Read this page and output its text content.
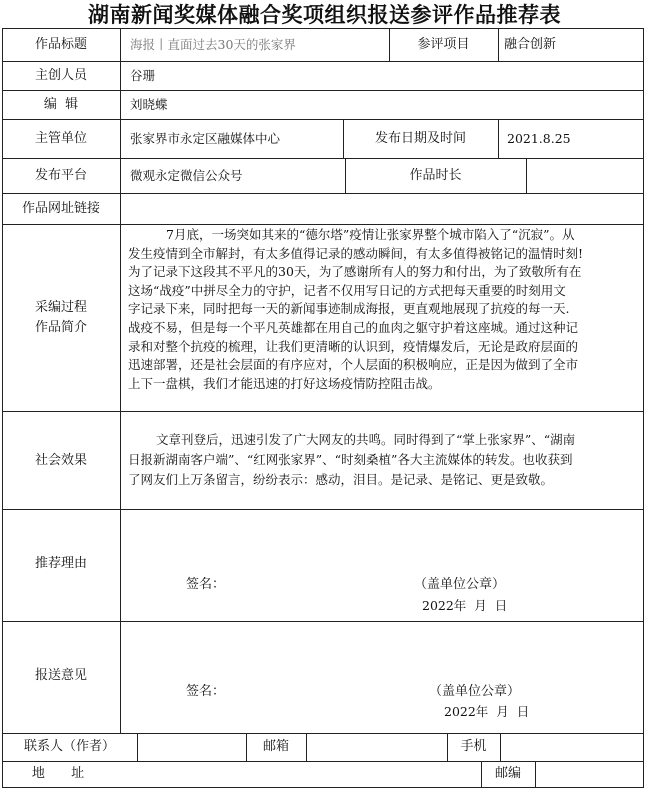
湖南新闻奖媒体融合奖项组织报送参评作品推荐表
作品标题	海报丨直面过去30天的张家界	参评项目	融合创新
主创人员	谷珊
编  辑	刘晓蝶
主管单位	张家界市永定区融媒体中心	发布日期及时间	2021.8.25
发布平台	微观永定微信公众号	作品时长
作品网址链接
采编过程
作品简介
7月底，一场突如其来的“德尔塔”疫情让张家界整个城市陷入了“沉寂”。从
发生疫情到全市解封，有太多值得记录的感动瞬间，有太多值得被铭记的温情时刻!
为了记录下这段其不平凡的30天，为了感谢所有人的努力和付出，为了致敬所有在
这场“战疫”中拼尽全力的守护，记者不仅用写日记的方式把每天重要的时刻用文
字记录下来，同时把每一天的新闻事迹制成海报，更直观地展现了抗疫的每一天.
战疫不易，但是每一个平凡英雄都在用自己的血肉之躯守护着这座城。通过这种记
录和对整个抗疫的梳理，让我们更清晰的认识到，疫情爆发后，无论是政府层面的
迅速部署，还是社会层面的有序应对，个人层面的积极响应，正是因为做到了全市
上下一盘棋，我们才能迅速的打好这场疫情防控阻击战。
社会效果
文章刊登后，迅速引发了广大网友的共鸣。同时得到了“掌上张家界”、“湖南
日报新湖南客户端”、“红网张家界”、“时刻桑植”各大主流媒体的转发。也收获到
了网友们上万条留言，纷纷表示：感动，泪目。是记录、是铭记、更是致敬。
推荐理由
签名：	（盖单位公章）
2022年  月  日
报送意见
签名：	（盖单位公章）
2022年  月  日
联系人（作者）	邮箱	手机
地  址	邮编
